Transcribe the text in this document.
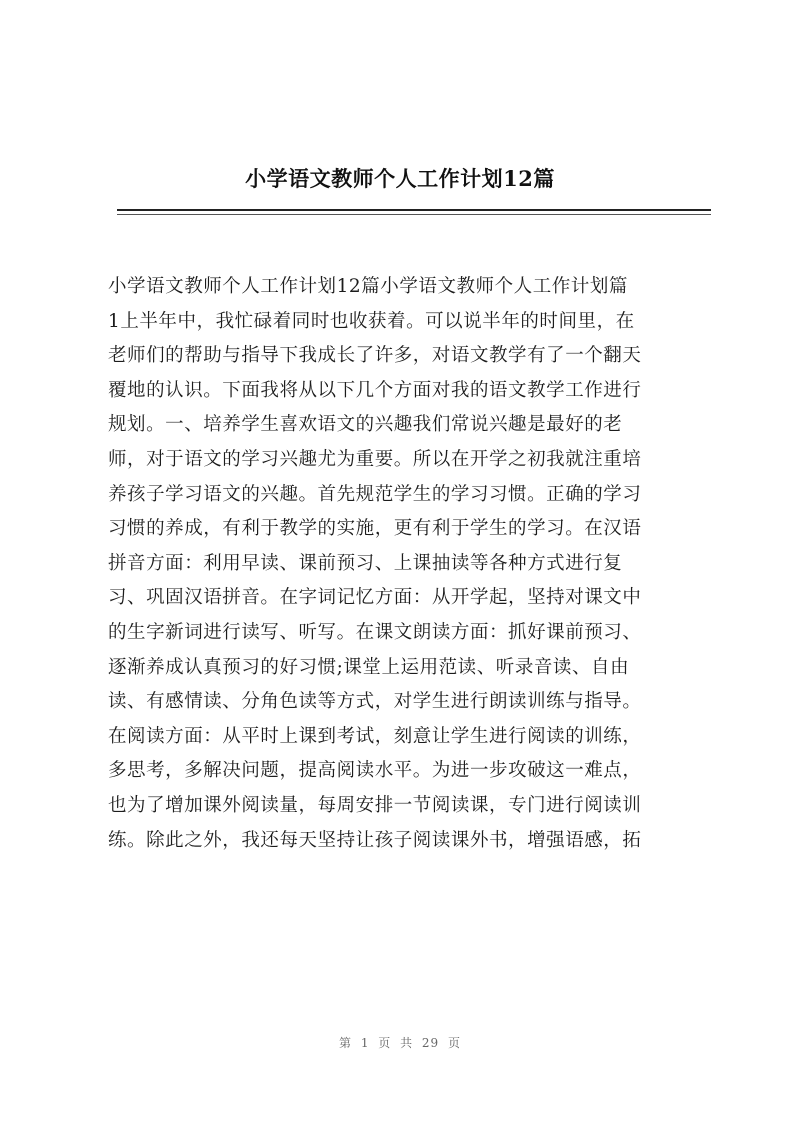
小学语文教师个人工作计划12篇
小学语文教师个人工作计划12篇小学语文教师个人工作计划篇
1上半年中，我忙碌着同时也收获着。可以说半年的时间里，在
老师们的帮助与指导下我成长了许多，对语文教学有了一个翻天
覆地的认识。下面我将从以下几个方面对我的语文教学工作进行
规划。一、培养学生喜欢语文的兴趣我们常说兴趣是最好的老
师，对于语文的学习兴趣尤为重要。所以在开学之初我就注重培
养孩子学习语文的兴趣。首先规范学生的学习习惯。正确的学习
习惯的养成，有利于教学的实施，更有利于学生的学习。在汉语
拼音方面：利用早读、课前预习、上课抽读等各种方式进行复
习、巩固汉语拼音。在字词记忆方面：从开学起，坚持对课文中
的生字新词进行读写、听写。在课文朗读方面：抓好课前预习、
逐渐养成认真预习的好习惯;课堂上运用范读、听录音读、自由
读、有感情读、分角色读等方式，对学生进行朗读训练与指导。
在阅读方面：从平时上课到考试，刻意让学生进行阅读的训练，
多思考，多解决问题，提高阅读水平。为进一步攻破这一难点，
也为了增加课外阅读量，每周安排一节阅读课，专门进行阅读训
练。除此之外，我还每天坚持让孩子阅读课外书，增强语感，拓
第 1 页 共 29 页
